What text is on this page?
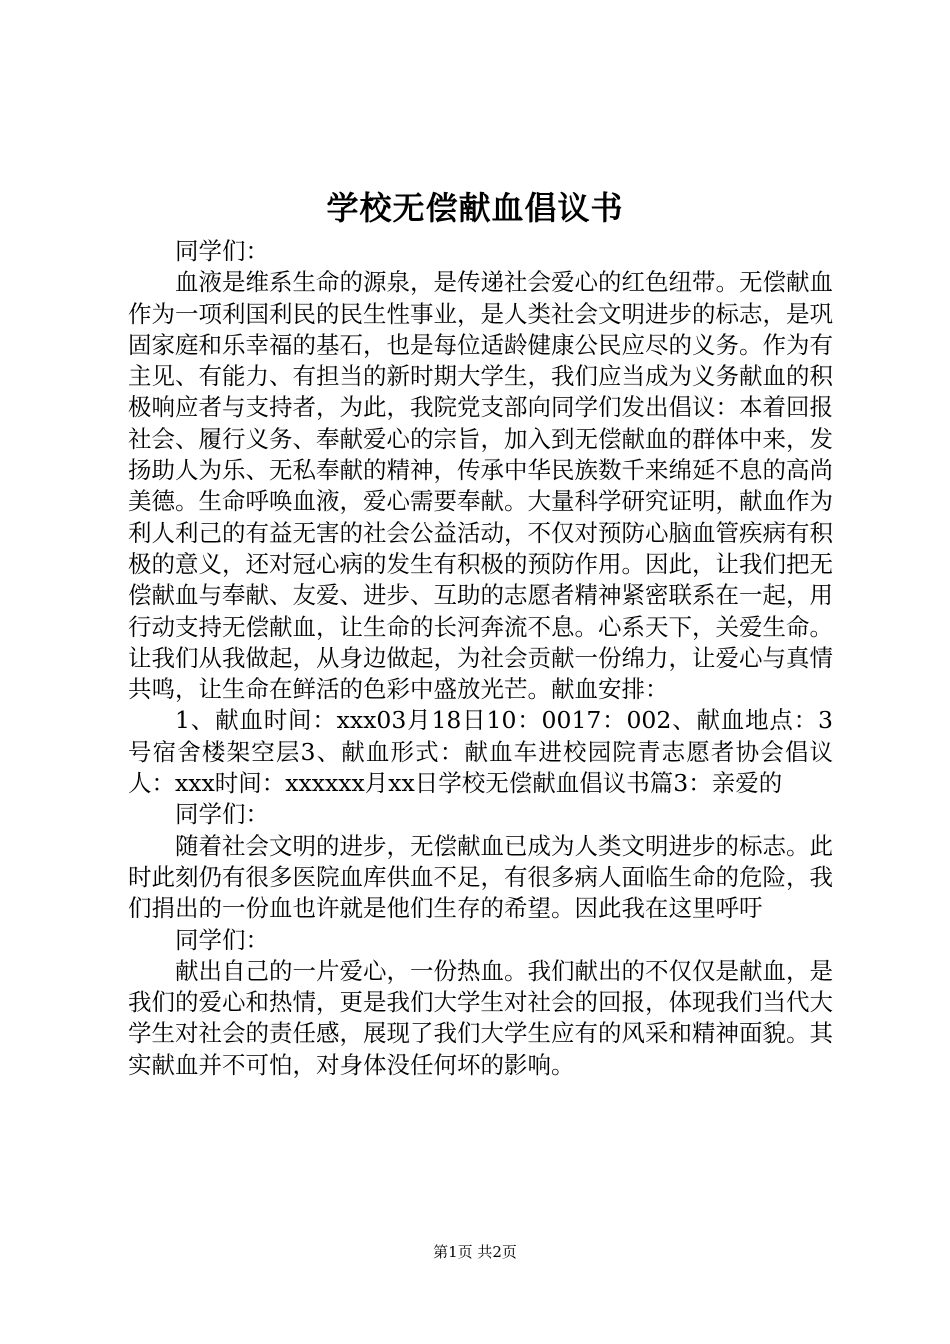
学校无偿献血倡议书

同学们：

血液是维系生命的源泉，是传递社会爱心的红色纽带。无偿献血作为一项利国利民的民生性事业，是人类社会文明进步的标志，是巩固家庭和乐幸福的基石，也是每位适龄健康公民应尽的义务。作为有主见、有能力、有担当的新时期大学生，我们应当成为义务献血的积极响应者与支持者，为此，我院党支部向同学们发出倡议：本着回报社会、履行义务、奉献爱心的宗旨，加入到无偿献血的群体中来，发扬助人为乐、无私奉献的精神，传承中华民族数千来绵延不息的高尚美德。生命呼唤血液，爱心需要奉献。大量科学研究证明，献血作为利人利己的有益无害的社会公益活动，不仅对预防心脑血管疾病有积极的意义，还对冠心病的发生有积极的预防作用。因此，让我们把无偿献血与奉献、友爱、进步、互助的志愿者精神紧密联系在一起，用行动支持无偿献血，让生命的长河奔流不息。心系天下，关爱生命。让我们从我做起，从身边做起，为社会贡献一份绵力，让爱心与真情共鸣，让生命在鲜活的色彩中盛放光芒。献血安排：

1、献血时间：xxx03月18日10：0017：002、献血地点：3号宿舍楼架空层3、献血形式：献血车进校园院青志愿者协会倡议人：xxx时间：xxxxxx月xx日学校无偿献血倡议书篇3：亲爱的

同学们：

随着社会文明的进步，无偿献血已成为人类文明进步的标志。此时此刻仍有很多医院血库供血不足，有很多病人面临生命的危险，我们捐出的一份血也许就是他们生存的希望。因此我在这里呼吁

同学们：

献出自己的一片爱心，一份热血。我们献出的不仅仅是献血，是我们的爱心和热情，更是我们大学生对社会的回报，体现我们当代大学生对社会的责任感，展现了我们大学生应有的风采和精神面貌。其实献血并不可怕，对身体没任何坏的影响。

第1页 共2页
